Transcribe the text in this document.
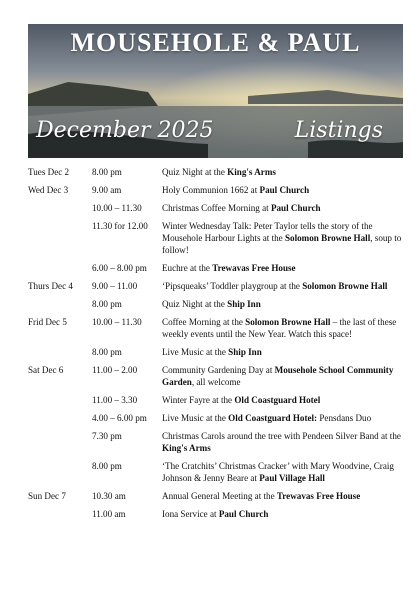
MOUSEHOLE & PAUL
December 2025	Listings
Tues Dec 2	8.00 pm	Quiz Night at the King's Arms
Wed Dec 3	9.00 am	Holy Communion 1662 at Paul Church
10.00 – 11.30	Christmas Coffee Morning at Paul Church
11.30 for 12.00	Winter Wednesday Talk: Peter Taylor tells the story of the Mousehole Harbour Lights at the Solomon Browne Hall, soup to follow!
6.00 – 8.00 pm	Euchre at the Trewavas Free House
Thurs Dec 4	9.00 – 11.00	‘Pipsqueaks’ Toddler playgroup at the Solomon Browne Hall
8.00 pm	Quiz Night at the Ship Inn
Frid Dec 5	10.00 – 11.30	Coffee Morning at the Solomon Browne Hall – the last of these weekly events until the New Year. Watch this space!
8.00 pm	Live Music at the Ship Inn
Sat Dec 6	11.00 – 2.00	Community Gardening Day at Mousehole School Community Garden, all welcome
11.00 – 3.30	Winter Fayre at the Old Coastguard Hotel
4.00 – 6.00 pm	Live Music at the Old Coastguard Hotel: Pensdans Duo
7.30 pm	Christmas Carols around the tree with Pendeen Silver Band at the King's Arms
8.00 pm	‘The Cratchits’ Christmas Cracker’ with Mary Woodvine, Craig Johnson & Jenny Beare at Paul Village Hall
Sun Dec 7	10.30 am	Annual General Meeting at the Trewavas Free House
11.00 am	Iona Service at Paul Church
